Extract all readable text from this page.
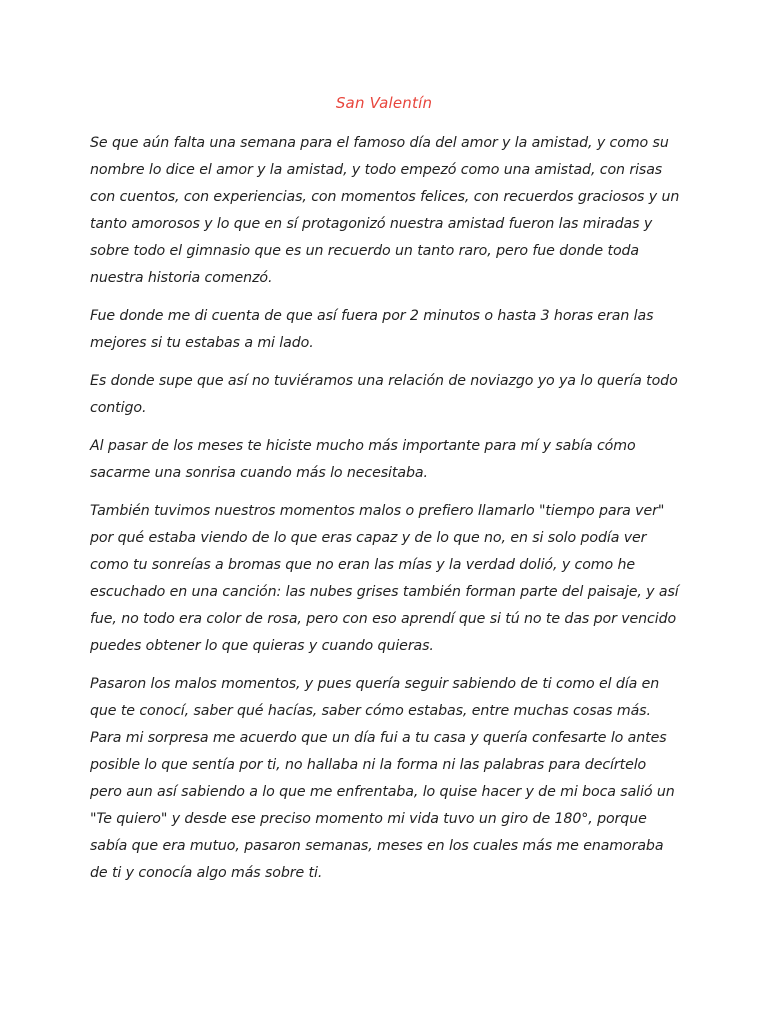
San Valentín

Se que aún falta una semana para el famoso día del amor y la amistad, y como su nombre lo dice el amor y la amistad, y todo empezó como una amistad, con risas con cuentos, con experiencias, con momentos felices, con recuerdos graciosos y un tanto amorosos y lo que en sí protagonizó nuestra amistad fueron las miradas y sobre todo el gimnasio que es un recuerdo un tanto raro, pero fue donde toda nuestra historia comenzó.

Fue donde me di cuenta de que así fuera por 2 minutos o hasta 3 horas eran las mejores si tu estabas a mi lado.

Es donde supe que así no tuviéramos una relación de noviazgo yo ya lo quería todo contigo.

Al pasar de los meses te hiciste mucho más importante para mí y sabía cómo sacarme una sonrisa cuando más lo necesitaba.

También tuvimos nuestros momentos malos o prefiero llamarlo "tiempo para ver" por qué estaba viendo de lo que eras capaz y de lo que no, en si solo podía ver como tu sonreías a bromas que no eran las mías y la verdad dolió, y como he escuchado en una canción: las nubes grises también forman parte del paisaje, y así fue, no todo era color de rosa, pero con eso aprendí que si tú no te das por vencido puedes obtener lo que quieras y cuando quieras.

Pasaron los malos momentos, y pues quería seguir sabiendo de ti como el día en que te conocí, saber qué hacías, saber cómo estabas, entre muchas cosas más. Para mi sorpresa me acuerdo que un día fui a tu casa y quería confesarte lo antes posible lo que sentía por ti, no hallaba ni la forma ni las palabras para decírtelo pero aun así sabiendo a lo que me enfrentaba, lo quise hacer y de mi boca salió un "Te quiero" y desde ese preciso momento mi vida tuvo un giro de 180°, porque sabía que era mutuo, pasaron semanas, meses en los cuales más me enamoraba de ti y conocía algo más sobre ti.
